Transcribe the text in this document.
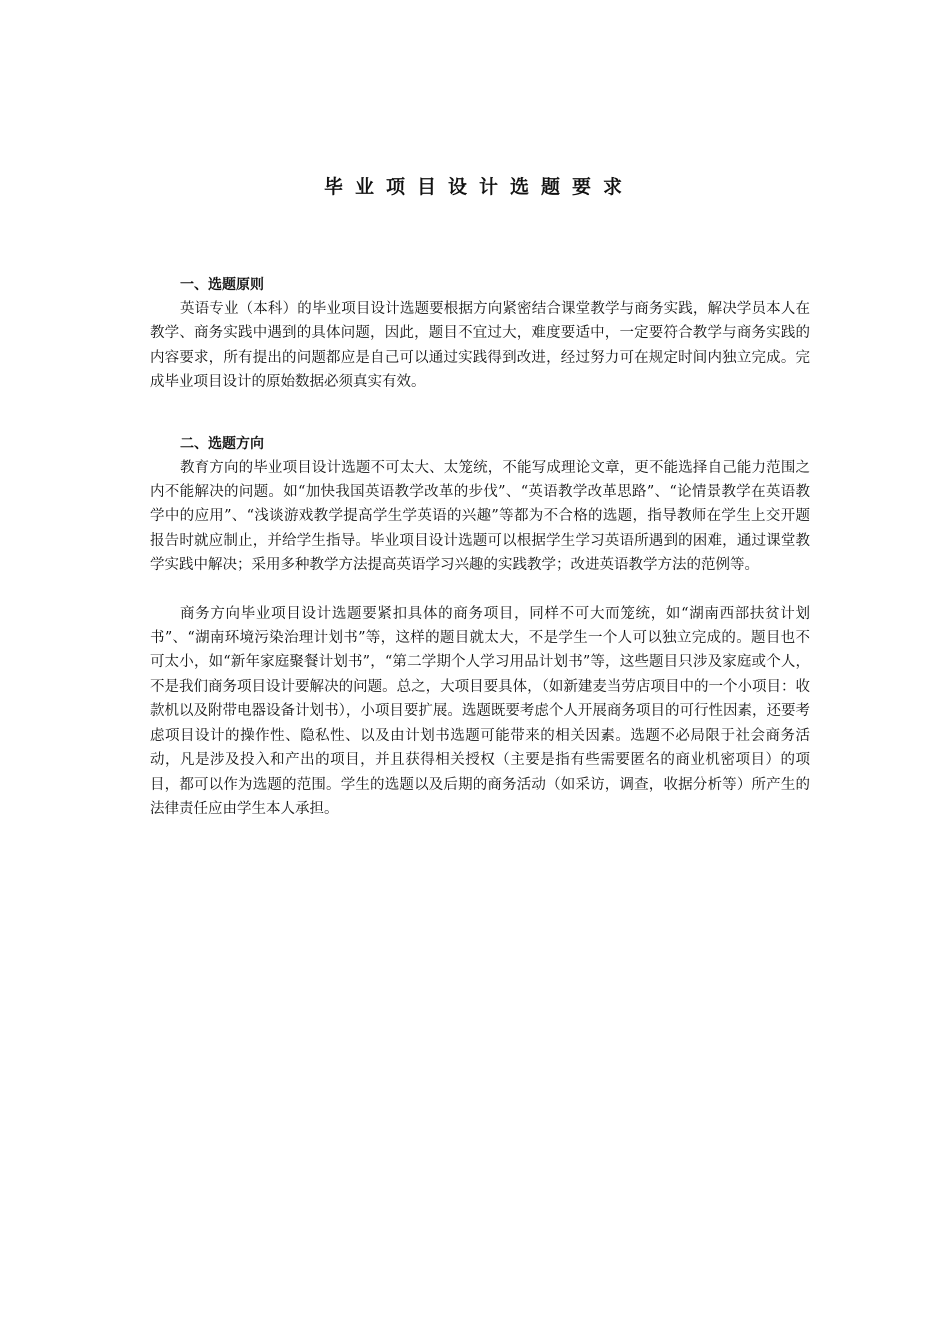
毕业项目设计选题要求
一、选题原则

英语专业（本科）的毕业项目设计选题要根据方向紧密结合课堂教学与商务实践，解决学员本人在教学、商务实践中遇到的具体问题，因此，题目不宜过大，难度要适中，一定要符合教学与商务实践的内容要求，所有提出的问题都应是自己可以通过实践得到改进，经过努力可在规定时间内独立完成。完成毕业项目设计的原始数据必须真实有效。

二、选题方向

教育方向的毕业项目设计选题不可太大、太笼统，不能写成理论文章，更不能选择自己能力范围之内不能解决的问题。如“加快我国英语教学改革的步伐”、“英语教学改革思路”、“论情景教学在英语教学中的应用”、“浅谈游戏教学提高学生学英语的兴趣”等都为不合格的选题，指导教师在学生上交开题报告时就应制止，并给学生指导。毕业项目设计选题可以根据学生学习英语所遇到的困难，通过课堂教学实践中解决；采用多种教学方法提高英语学习兴趣的实践教学；改进英语教学方法的范例等。

商务方向毕业项目设计选题要紧扣具体的商务项目，同样不可大而笼统，如“湖南西部扶贫计划书”、“湖南环境污染治理计划书”等，这样的题目就太大，不是学生一个人可以独立完成的。题目也不可太小，如“新年家庭聚餐计划书”，“第二学期个人学习用品计划书”等，这些题目只涉及家庭或个人，不是我们商务项目设计要解决的问题。总之，大项目要具体，（如新建麦当劳店项目中的一个小项目：收款机以及附带电器设备计划书），小项目要扩展。选题既要考虑个人开展商务项目的可行性因素，还要考虑项目设计的操作性、隐私性、以及由计划书选题可能带来的相关因素。选题不必局限于社会商务活动，凡是涉及投入和产出的项目，并且获得相关授权（主要是指有些需要匿名的商业机密项目）的项目，都可以作为选题的范围。学生的选题以及后期的商务活动（如采访，调查，收据分析等）所产生的法律责任应由学生本人承担。
